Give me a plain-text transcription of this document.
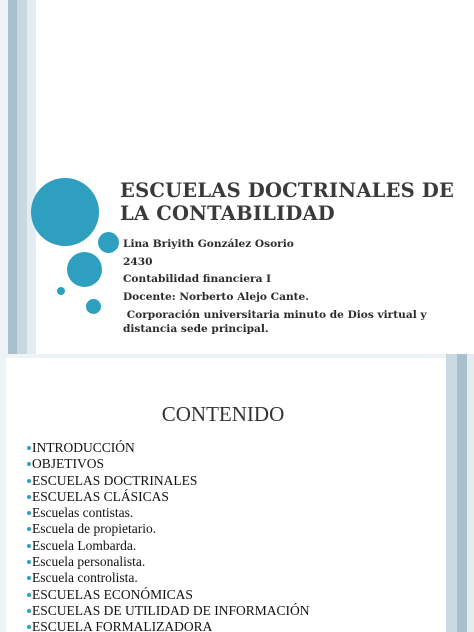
ESCUELAS DOCTRINALES DE LA CONTABILIDAD
Lina Briyith González Osorio
2430
Contabilidad financiera I
Docente: Norberto Alejo Cante.
Corporación universitaria minuto de Dios virtual y distancia sede principal.
CONTENIDO
INTRODUCCIÓN
OBJETIVOS
ESCUELAS DOCTRINALES
ESCUELAS CLÁSICAS
Escuelas contistas.
Escuela de propietario.
Escuela Lombarda.
Escuela personalista.
Escuela controlista.
ESCUELAS ECONÓMICAS
ESCUELAS DE UTILIDAD DE INFORMACIÓN
ESCUELA FORMALIZADORA
